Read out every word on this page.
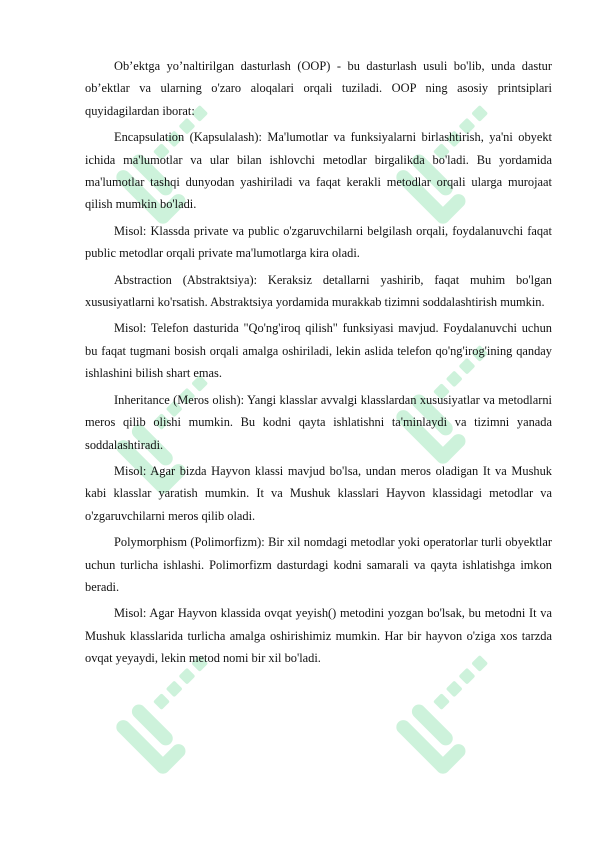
Ob’ektga yo’naltirilgan dasturlash (OOP) - bu dasturlash usuli bo'lib, unda dastur ob’ektlar va ularning o'zaro aloqalari orqali tuziladi. OOP ning asosiy printsiplari quyidagilardan iborat:

Encapsulation (Kapsulalash): Ma'lumotlar va funksiyalarni birlashtirish, ya'ni obyekt ichida ma'lumotlar va ular bilan ishlovchi metodlar birgalikda bo'ladi. Bu yordamida ma'lumotlar tashqi dunyodan yashiriladi va faqat kerakli metodlar orqali ularga murojaat qilish mumkin bo'ladi.

Misol: Klassda private va public o'zgaruvchilarni belgilash orqali, foydalanuvchi faqat public metodlar orqali private ma'lumotlarga kira oladi.

Abstraction (Abstraktsiya): Keraksiz detallarni yashirib, faqat muhim bo'lgan xususiyatlarni ko'rsatish. Abstraktsiya yordamida murakkab tizimni soddalashtirish mumkin.

Misol: Telefon dasturida "Qo'ng'iroq qilish" funksiyasi mavjud. Foydalanuvchi uchun bu faqat tugmani bosish orqali amalga oshiriladi, lekin aslida telefon qo'ng'irog'ining qanday ishlashini bilish shart emas.

Inheritance (Meros olish): Yangi klasslar avvalgi klasslardan xususiyatlar va metodlarni meros qilib olishi mumkin. Bu kodni qayta ishlatishni ta'minlaydi va tizimni yanada soddalashtiradi.

Misol: Agar bizda Hayvon klassi mavjud bo'lsa, undan meros oladigan It va Mushuk kabi klasslar yaratish mumkin. It va Mushuk klasslari Hayvon klassidagi metodlar va o'zgaruvchilarni meros qilib oladi.

Polymorphism (Polimorfizm): Bir xil nomdagi metodlar yoki operatorlar turli obyektlar uchun turlicha ishlashi. Polimorfizm dasturdagi kodni samarali va qayta ishlatishga imkon beradi.

Misol: Agar Hayvon klassida ovqat yeyish() metodini yozgan bo'lsak, bu metodni It va Mushuk klasslarida turlicha amalga oshirishimiz mumkin. Har bir hayvon o'ziga xos tarzda ovqat yeyaydi, lekin metod nomi bir xil bo'ladi.
